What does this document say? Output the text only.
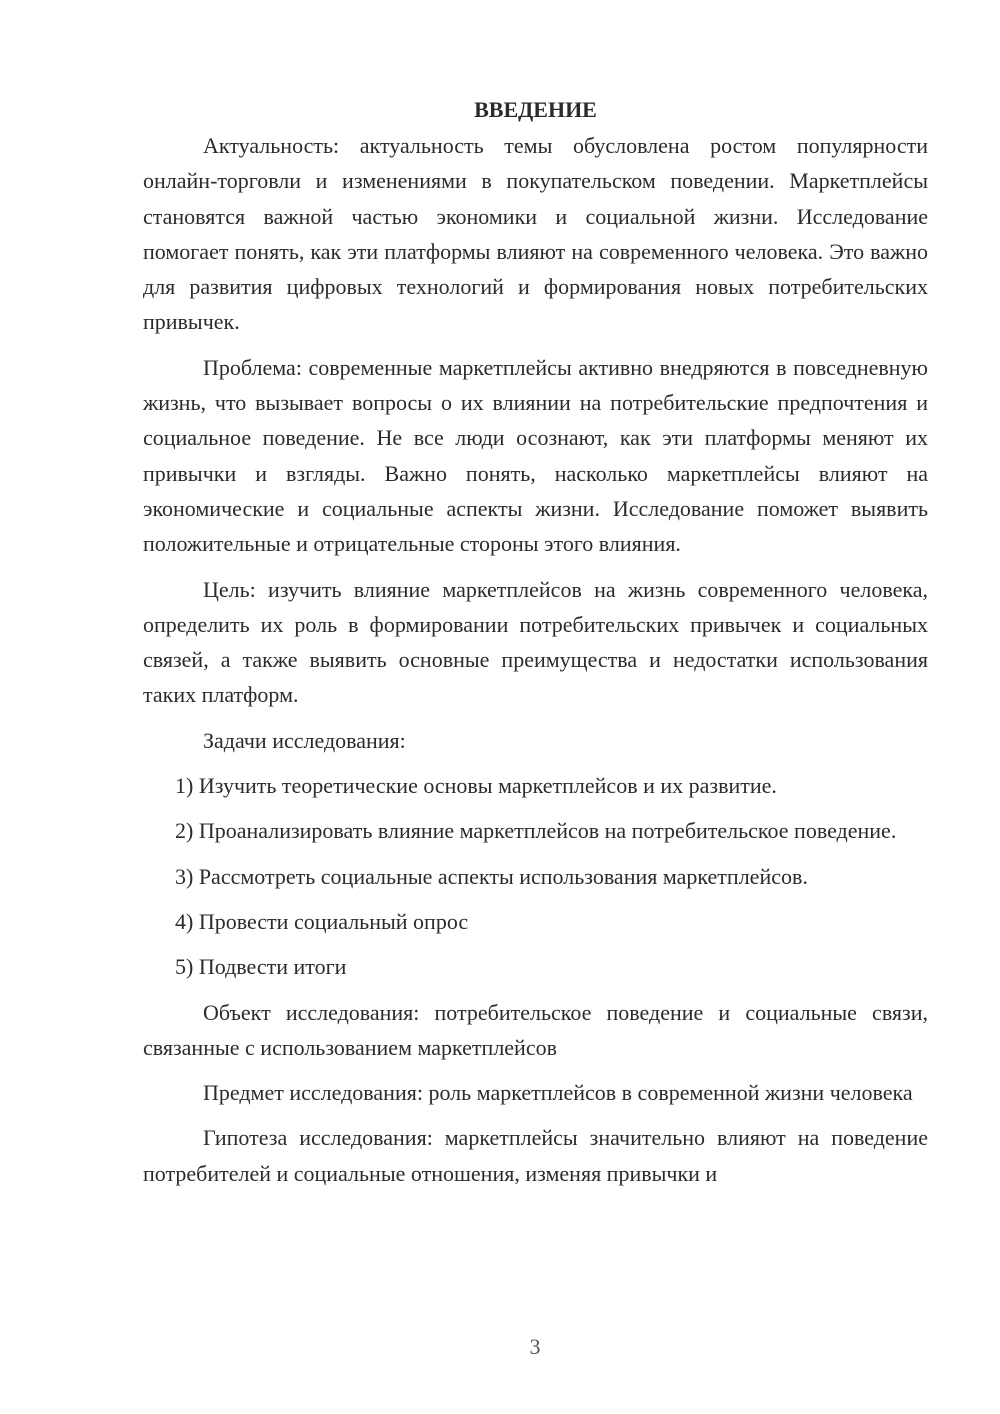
ВВЕДЕНИЕ

Актуальность: актуальность темы обусловлена ростом популярности онлайн-торговли и изменениями в покупательском поведении. Маркетплейсы становятся важной частью экономики и социальной жизни. Исследование помогает понять, как эти платформы влияют на современного человека. Это важно для развития цифровых технологий и формирования новых потребительских привычек.

Проблема: современные маркетплейсы активно внедряются в повседневную жизнь, что вызывает вопросы о их влиянии на потребительские предпочтения и социальное поведение. Не все люди осознают, как эти платформы меняют их привычки и взгляды. Важно понять, насколько маркетплейсы влияют на экономические и социальные аспекты жизни. Исследование поможет выявить положительные и отрицательные стороны этого влияния.

Цель: изучить влияние маркетплейсов на жизнь современного человека, определить их роль в формировании потребительских привычек и социальных связей, а также выявить основные преимущества и недостатки использования таких платформ.

Задачи исследования:

1) Изучить теоретические основы маркетплейсов и их развитие.

2) Проанализировать влияние маркетплейсов на потребительское поведение.

3) Рассмотреть социальные аспекты использования маркетплейсов.

4) Провести социальный опрос

5) Подвести итоги

Объект исследования: потребительское поведение и социальные связи, связанные с использованием маркетплейсов

Предмет исследования: роль маркетплейсов в современной жизни человека

Гипотеза исследования: маркетплейсы значительно влияют на поведение потребителей и социальные отношения, изменяя привычки и

3
